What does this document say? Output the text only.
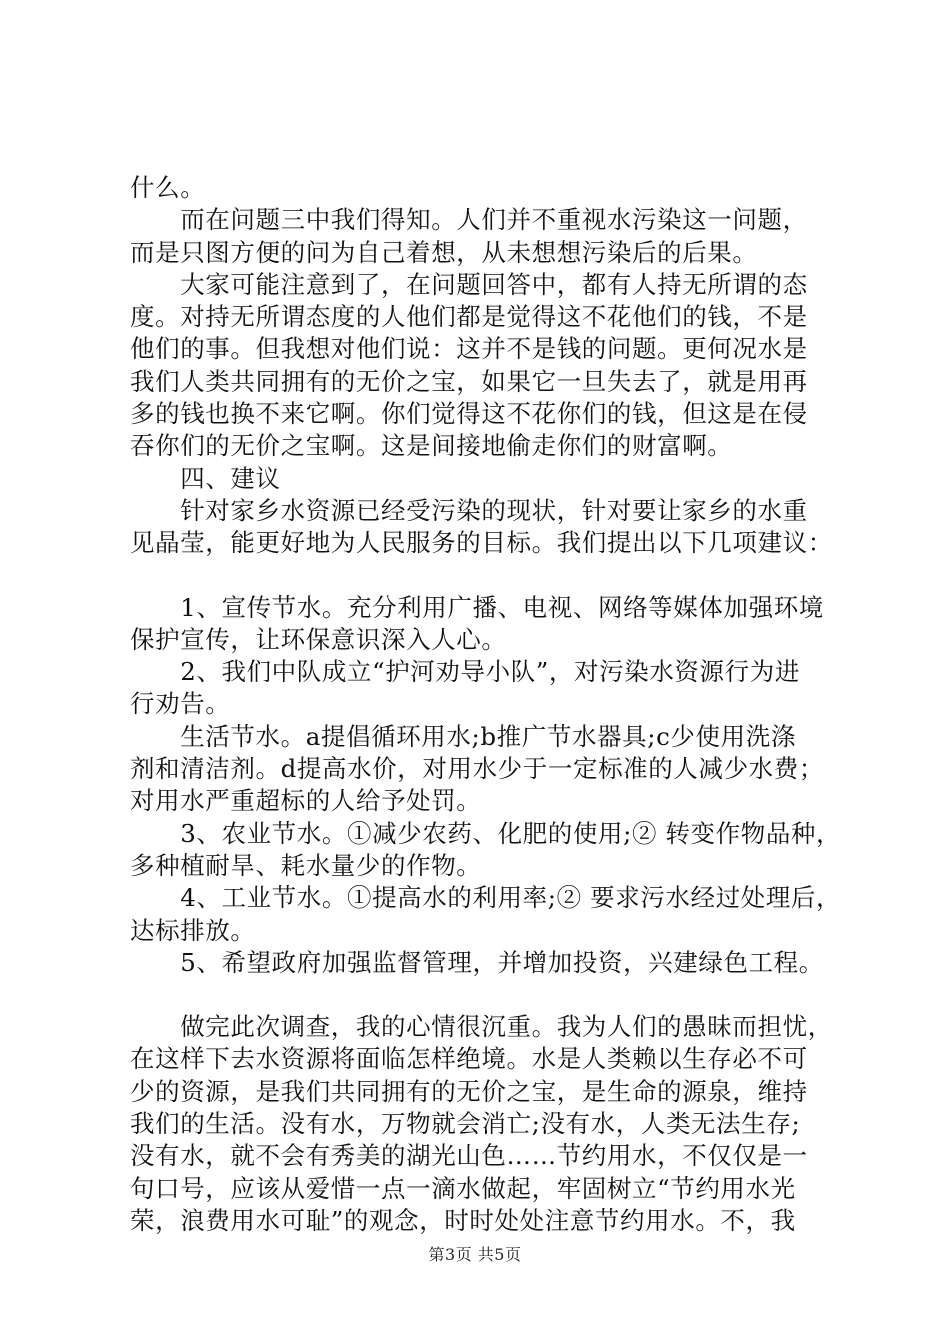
什么。

　　而在问题三中我们得知。人们并不重视水污染这一问题，

而是只图方便的问为自己着想，从未想想污染后的后果。

　　大家可能注意到了，在问题回答中，都有人持无所谓的态

度。对持无所谓态度的人他们都是觉得这不花他们的钱，不是

他们的事。但我想对他们说：这并不是钱的问题。更何况水是

我们人类共同拥有的无价之宝，如果它一旦失去了，就是用再

多的钱也换不来它啊。你们觉得这不花你们的钱，但这是在侵

吞你们的无价之宝啊。这是间接地偷走你们的财富啊。

　　四、建议

　　针对家乡水资源已经受污染的现状，针对要让家乡的水重

见晶莹，能更好地为人民服务的目标。我们提出以下几项建议：

　　1、宣传节水。充分利用广播、电视、网络等媒体加强环境

保护宣传，让环保意识深入人心。

　　2、我们中队成立“护河劝导小队”，对污染水资源行为进

行劝告。

　　生活节水。a提倡循环用水;b推广节水器具;c少使用洗涤

剂和清洁剂。d提高水价，对用水少于一定标准的人减少水费；

对用水严重超标的人给予处罚。

　　3、农业节水。①减少农药、化肥的使用;② 转变作物品种，

多种植耐旱、耗水量少的作物。

　　4、工业节水。①提高水的利用率;② 要求污水经过处理后，

达标排放。

　　5、希望政府加强监督管理，并增加投资，兴建绿色工程。

　　做完此次调查，我的心情很沉重。我为人们的愚昧而担忧，

在这样下去水资源将面临怎样绝境。水是人类赖以生存必不可

少的资源，是我们共同拥有的无价之宝，是生命的源泉，维持

我们的生活。没有水，万物就会消亡;没有水，人类无法生存;

没有水，就不会有秀美的湖光山色……节约用水，不仅仅是一

句口号，应该从爱惜一点一滴水做起，牢固树立“节约用水光

荣，浪费用水可耻”的观念，时时处处注意节约用水。不，我

第3页 共5页
